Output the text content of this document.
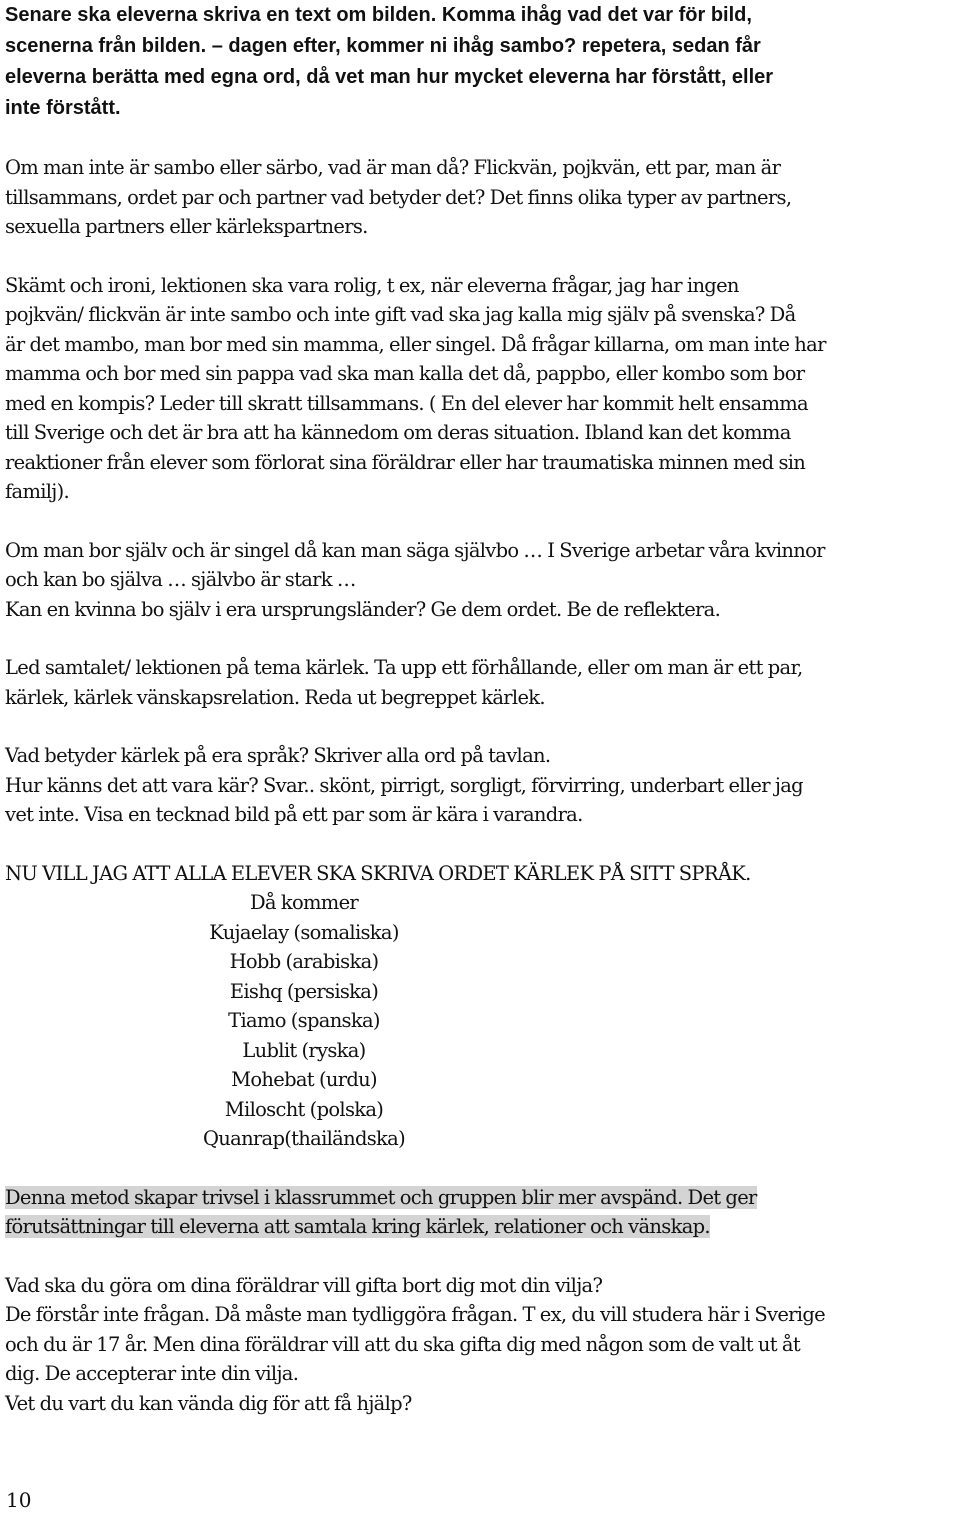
Senare ska eleverna skriva en text om bilden. Komma ihåg vad det var för bild,
scenerna från bilden. – dagen efter, kommer ni ihåg sambo? repetera, sedan får
eleverna berätta med egna ord, då vet man hur mycket eleverna har förstått, eller
inte förstått.
Om man inte är sambo eller särbo, vad är man då? Flickvän, pojkvän, ett par, man är
tillsammans, ordet par och partner vad betyder det? Det finns olika typer av partners,
sexuella partners eller kärlekspartners.
Skämt och ironi, lektionen ska vara rolig, t ex, när eleverna frågar, jag har ingen
pojkvän/ flickvän är inte sambo och inte gift vad ska jag kalla mig själv på svenska? Då
är det mambo, man bor med sin mamma, eller singel. Då frågar killarna, om man inte har
mamma och bor med sin pappa vad ska man kalla det då, pappbo, eller kombo som bor
med en kompis? Leder till skratt tillsammans. ( En del elever har kommit helt ensamma
till Sverige och det är bra att ha kännedom om deras situation. Ibland kan det komma
reaktioner från elever som förlorat sina föräldrar eller har traumatiska minnen med sin
familj).
Om man bor själv och är singel då kan man säga självbo … I Sverige arbetar våra kvinnor
och kan bo själva … självbo är stark …
Kan en kvinna bo själv i era ursprungsländer? Ge dem ordet. Be de reflektera.
Led samtalet/ lektionen på tema kärlek. Ta upp ett förhållande, eller om man är ett par,
kärlek, kärlek vänskapsrelation. Reda ut begreppet kärlek.
Vad betyder kärlek på era språk? Skriver alla ord på tavlan.
Hur känns det att vara kär? Svar.. skönt, pirrigt, sorgligt, förvirring, underbart eller jag
vet inte. Visa en tecknad bild på ett par som är kära i varandra.
NU VILL JAG ATT ALLA ELEVER SKA SKRIVA ORDET KÄRLEK PÅ SITT SPRÅK.
Då kommer
Kujaelay (somaliska)
Hobb (arabiska)
Eishq (persiska)
Tiamo (spanska)
Lublit (ryska)
Mohebat (urdu)
Miloscht (polska)
Quanrap(thailändska)
Denna metod skapar trivsel i klassrummet och gruppen blir mer avspänd. Det ger
förutsättningar till eleverna att samtala kring kärlek, relationer och vänskap.
Vad ska du göra om dina föräldrar vill gifta bort dig mot din vilja?
De förstår inte frågan. Då måste man tydliggöra frågan. T ex, du vill studera här i Sverige
och du är 17 år. Men dina föräldrar vill att du ska gifta dig med någon som de valt ut åt
dig. De accepterar inte din vilja.
Vet du vart du kan vända dig för att få hjälp?
10
